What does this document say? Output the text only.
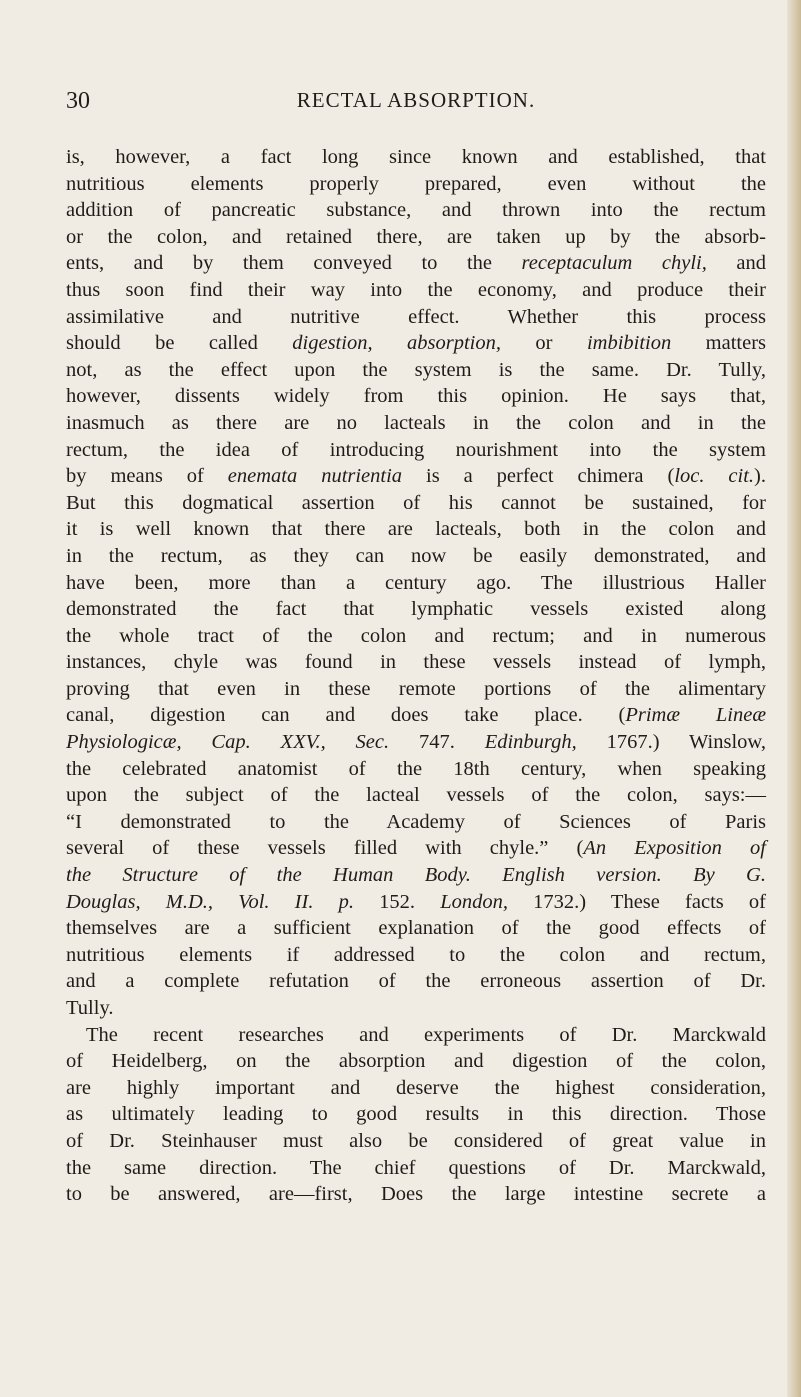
30	RECTAL ABSORPTION.
is, however, a fact long since known and established, that
nutritious elements properly prepared, even without the
addition of pancreatic substance, and thrown into the rectum
or the colon, and retained there, are taken up by the absorb-
ents, and by them conveyed to the receptaculum chyli, and
thus soon find their way into the economy, and produce their
assimilative and nutritive effect. Whether this process
should be called digestion, absorption, or imbibition matters
not, as the effect upon the system is the same. Dr. Tully,
however, dissents widely from this opinion. He says that,
inasmuch as there are no lacteals in the colon and in the
rectum, the idea of introducing nourishment into the system
by means of enemata nutrientia is a perfect chimera (loc. cit.).
But this dogmatical assertion of his cannot be sustained, for
it is well known that there are lacteals, both in the colon and
in the rectum, as they can now be easily demonstrated, and
have been, more than a century ago. The illustrious Haller
demonstrated the fact that lymphatic vessels existed along
the whole tract of the colon and rectum; and in numerous
instances, chyle was found in these vessels instead of lymph,
proving that even in these remote portions of the alimentary
canal, digestion can and does take place. (Primæ Lineæ
Physiologicæ, Cap. XXV., Sec. 747. Edinburgh, 1767.) Winslow,
the celebrated anatomist of the 18th century, when speaking
upon the subject of the lacteal vessels of the colon, says:—
“I demonstrated to the Academy of Sciences of Paris
several of these vessels filled with chyle.” (An Exposition of
the Structure of the Human Body. English version. By G.
Douglas, M.D., Vol. II. p. 152. London, 1732.) These facts of
themselves are a sufficient explanation of the good effects of
nutritious elements if addressed to the colon and rectum,
and a complete refutation of the erroneous assertion of Dr.
Tully.
The recent researches and experiments of Dr. Marckwald
of Heidelberg, on the absorption and digestion of the colon,
are highly important and deserve the highest consideration,
as ultimately leading to good results in this direction. Those
of Dr. Steinhauser must also be considered of great value in
the same direction. The chief questions of Dr. Marckwald,
to be answered, are—first, Does the large intestine secrete a
